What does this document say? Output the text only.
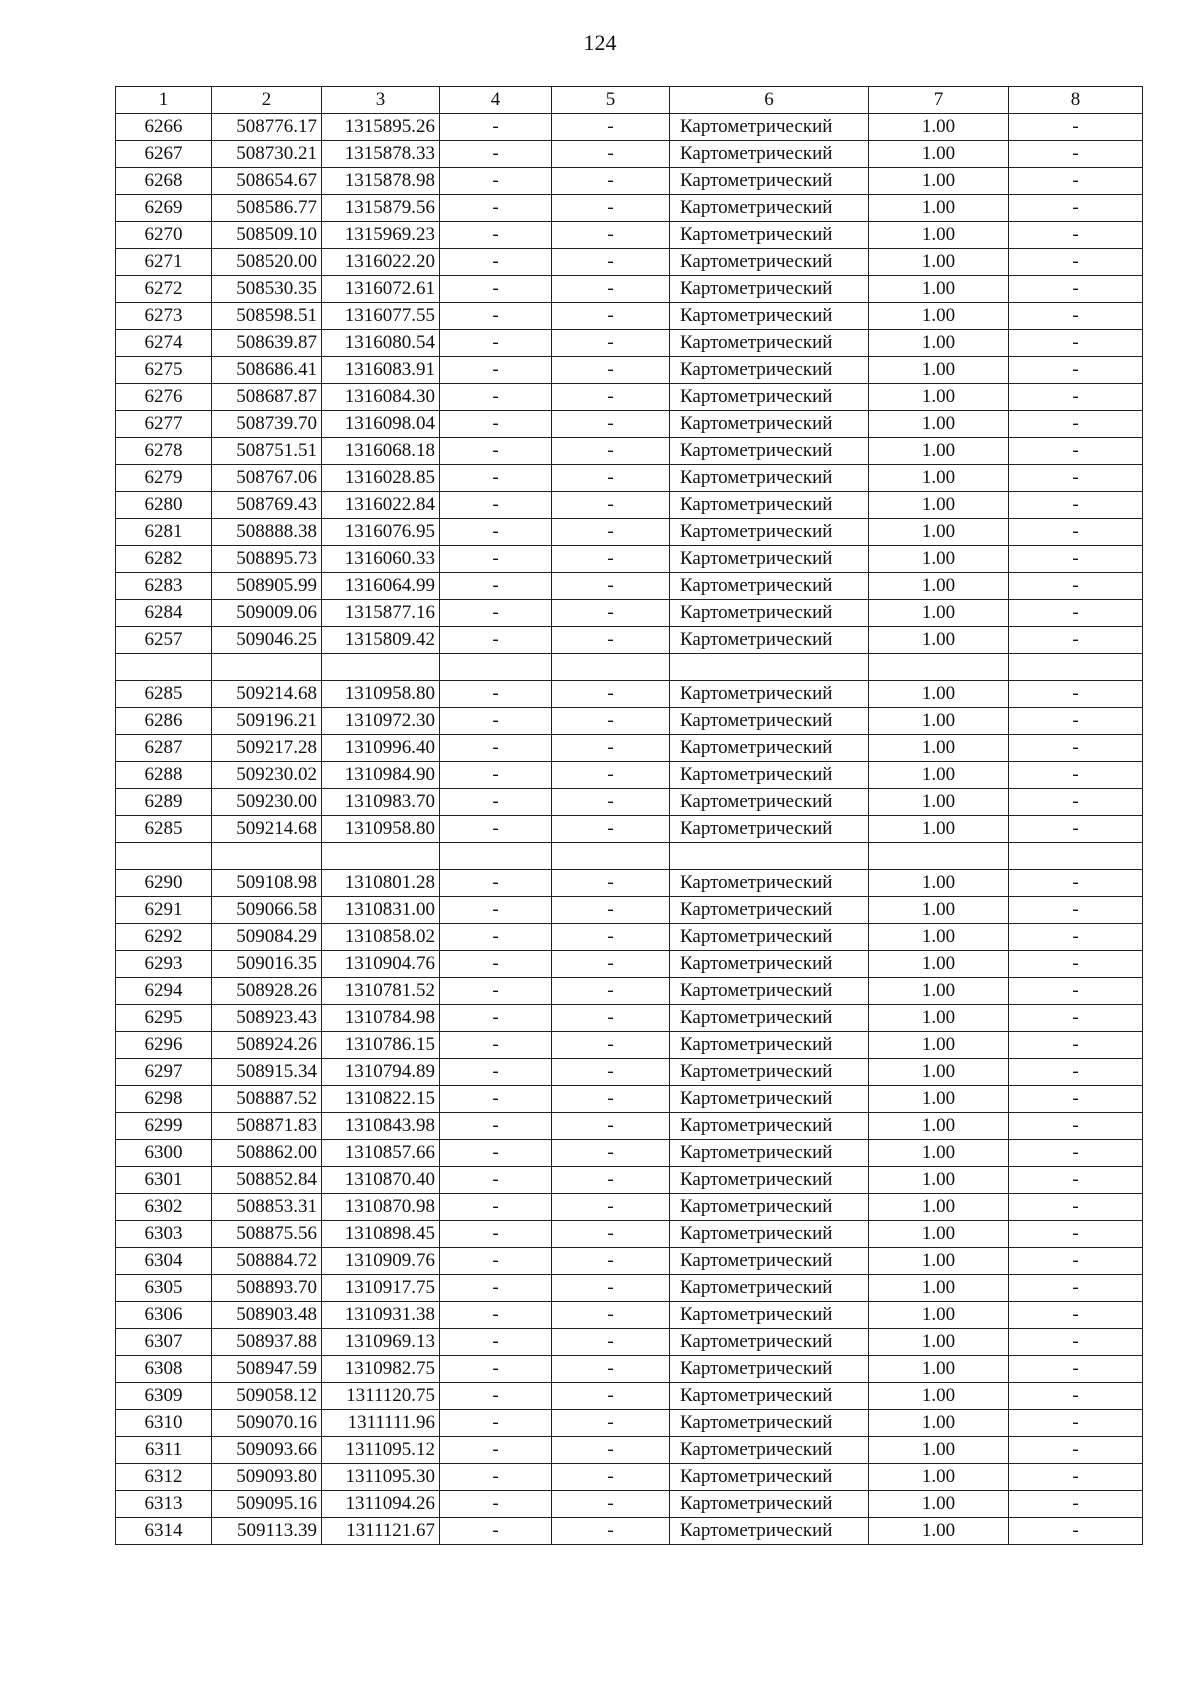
124
1	2	3	4	5	6	7	8
6266	508776.17	1315895.26	-	-	Картометрический	1.00	-
6267	508730.21	1315878.33	-	-	Картометрический	1.00	-
6268	508654.67	1315878.98	-	-	Картометрический	1.00	-
6269	508586.77	1315879.56	-	-	Картометрический	1.00	-
6270	508509.10	1315969.23	-	-	Картометрический	1.00	-
6271	508520.00	1316022.20	-	-	Картометрический	1.00	-
6272	508530.35	1316072.61	-	-	Картометрический	1.00	-
6273	508598.51	1316077.55	-	-	Картометрический	1.00	-
6274	508639.87	1316080.54	-	-	Картометрический	1.00	-
6275	508686.41	1316083.91	-	-	Картометрический	1.00	-
6276	508687.87	1316084.30	-	-	Картометрический	1.00	-
6277	508739.70	1316098.04	-	-	Картометрический	1.00	-
6278	508751.51	1316068.18	-	-	Картометрический	1.00	-
6279	508767.06	1316028.85	-	-	Картометрический	1.00	-
6280	508769.43	1316022.84	-	-	Картометрический	1.00	-
6281	508888.38	1316076.95	-	-	Картометрический	1.00	-
6282	508895.73	1316060.33	-	-	Картометрический	1.00	-
6283	508905.99	1316064.99	-	-	Картометрический	1.00	-
6284	509009.06	1315877.16	-	-	Картометрический	1.00	-
6257	509046.25	1315809.42	-	-	Картометрический	1.00	-

6285	509214.68	1310958.80	-	-	Картометрический	1.00	-
6286	509196.21	1310972.30	-	-	Картометрический	1.00	-
6287	509217.28	1310996.40	-	-	Картометрический	1.00	-
6288	509230.02	1310984.90	-	-	Картометрический	1.00	-
6289	509230.00	1310983.70	-	-	Картометрический	1.00	-
6285	509214.68	1310958.80	-	-	Картометрический	1.00	-

6290	509108.98	1310801.28	-	-	Картометрический	1.00	-
6291	509066.58	1310831.00	-	-	Картометрический	1.00	-
6292	509084.29	1310858.02	-	-	Картометрический	1.00	-
6293	509016.35	1310904.76	-	-	Картометрический	1.00	-
6294	508928.26	1310781.52	-	-	Картометрический	1.00	-
6295	508923.43	1310784.98	-	-	Картометрический	1.00	-
6296	508924.26	1310786.15	-	-	Картометрический	1.00	-
6297	508915.34	1310794.89	-	-	Картометрический	1.00	-
6298	508887.52	1310822.15	-	-	Картометрический	1.00	-
6299	508871.83	1310843.98	-	-	Картометрический	1.00	-
6300	508862.00	1310857.66	-	-	Картометрический	1.00	-
6301	508852.84	1310870.40	-	-	Картометрический	1.00	-
6302	508853.31	1310870.98	-	-	Картометрический	1.00	-
6303	508875.56	1310898.45	-	-	Картометрический	1.00	-
6304	508884.72	1310909.76	-	-	Картометрический	1.00	-
6305	508893.70	1310917.75	-	-	Картометрический	1.00	-
6306	508903.48	1310931.38	-	-	Картометрический	1.00	-
6307	508937.88	1310969.13	-	-	Картометрический	1.00	-
6308	508947.59	1310982.75	-	-	Картометрический	1.00	-
6309	509058.12	1311120.75	-	-	Картометрический	1.00	-
6310	509070.16	1311111.96	-	-	Картометрический	1.00	-
6311	509093.66	1311095.12	-	-	Картометрический	1.00	-
6312	509093.80	1311095.30	-	-	Картометрический	1.00	-
6313	509095.16	1311094.26	-	-	Картометрический	1.00	-
6314	509113.39	1311121.67	-	-	Картометрический	1.00	-
